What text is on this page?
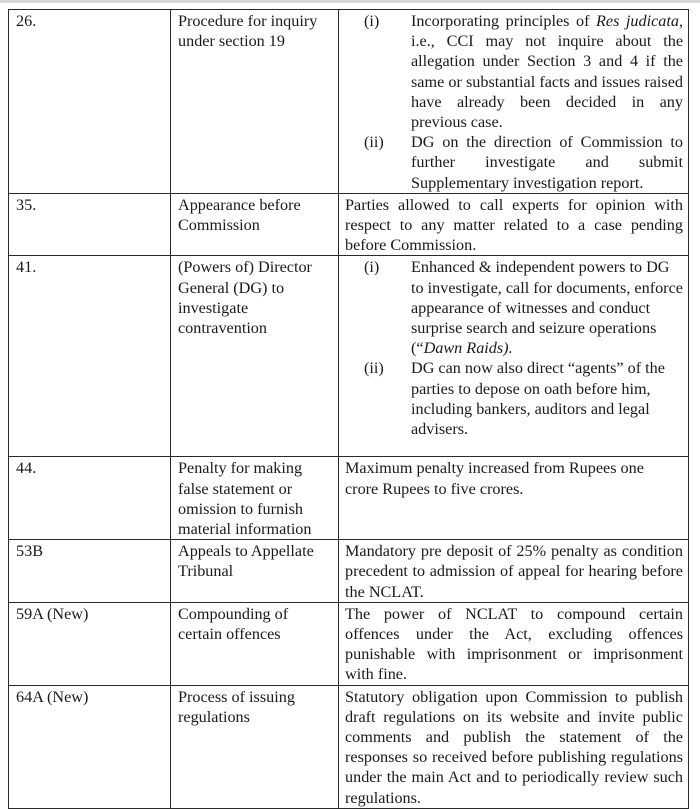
26.	Procedure for inquiry under section 19	(i) Incorporating principles of Res judicata, i.e., CCI may not inquire about the allegation under Section 3 and 4 if the same or substantial facts and issues raised have already been decided in any previous case.
(ii) DG on the direction of Commission to further investigate and submit Supplementary investigation report.

35.	Appearance before Commission	Parties allowed to call experts for opinion with respect to any matter related to a case pending before Commission.
41.	(Powers of) Director General (DG) to investigate contravention	(i) Enhanced & independent powers to DG to investigate, call for documents, enforce appearance of witnesses and conduct surprise search and seizure operations (“Dawn Raids).
(ii) DG can now also direct “agents” of the parties to depose on oath before him, including bankers, auditors and legal advisers.

44.	Penalty for making false statement or omission to furnish material information	Maximum penalty increased from Rupees one crore Rupees to five crores.
53B	Appeals to Appellate Tribunal	Mandatory pre deposit of 25% penalty as condition precedent to admission of appeal for hearing before the NCLAT.
59A (New)	Compounding of certain offences	The power of NCLAT to compound certain offences under the Act, excluding offences punishable with imprisonment or imprisonment with fine.
64A (New)	Process of issuing regulations	Statutory obligation upon Commission to publish draft regulations on its website and invite public comments and publish the statement of the responses so received before publishing regulations under the main Act and to periodically review such regulations.
